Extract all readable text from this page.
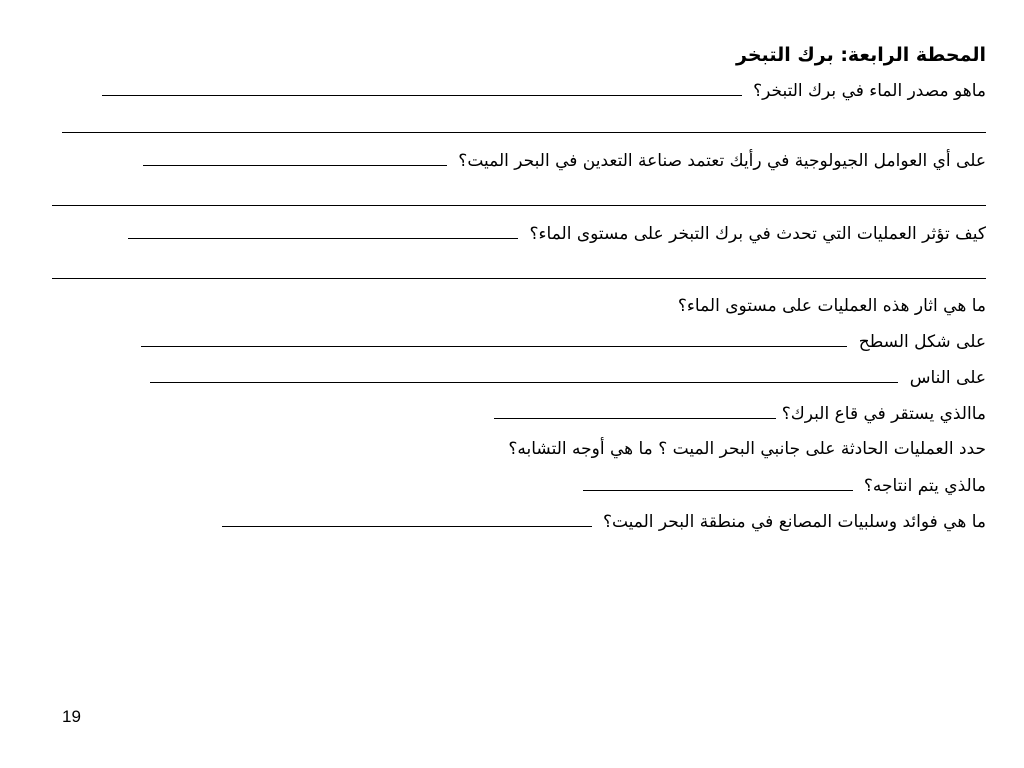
المحطة الرابعة: برك التبخر
ماهو مصدر الماء في برك التبخر؟
على أي العوامل الجيولوجية في رأيك تعتمد صناعة التعدين في البحر الميت؟
كيف تؤثر العمليات التي تحدث في برك التبخر على مستوى الماء؟
ما هي اثار هذه العمليات على مستوى الماء؟
على شكل السطح
على الناس
ماالذي يستقر في قاع البرك؟
حدد العمليات الحادثة على جانبي البحر الميت ؟ ما هي أوجه التشابه؟
مالذي يتم انتاجه؟
ما هي فوائد وسلبيات المصانع في منطقة البحر الميت؟
19
